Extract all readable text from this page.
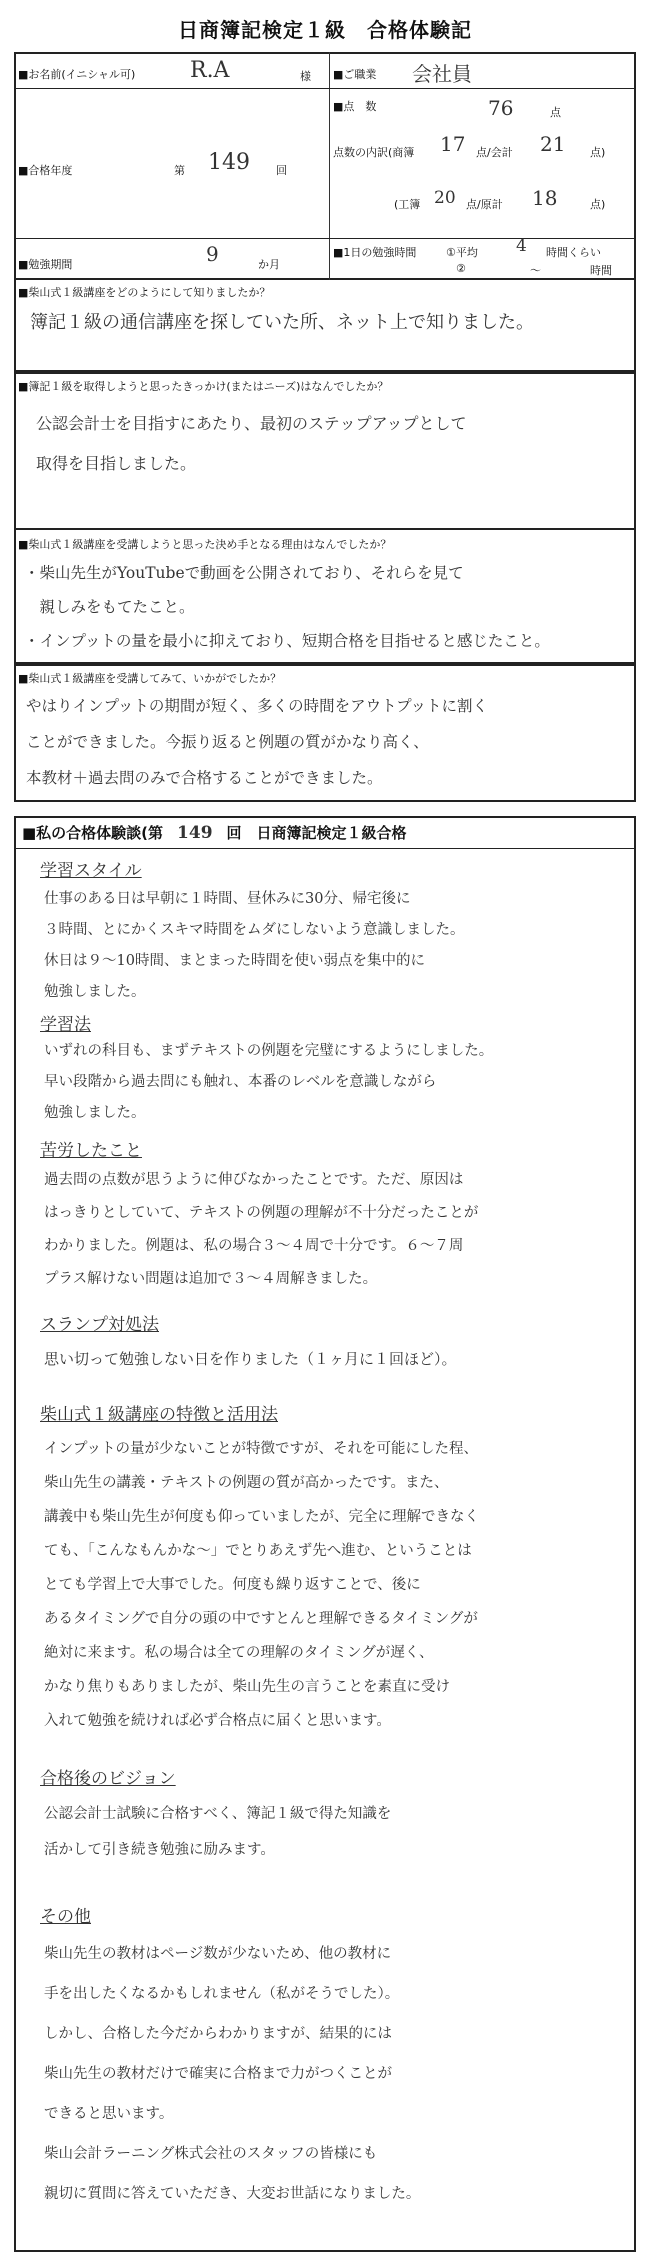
日商簿記検定１級　合格体験記
■お名前(イニシャル可) R.A	様 ■ご職業 会社員
■合格年度	第 149 回
■点　数	76	点
点数の内訳(商簿 17 点/会計 21 点)
(工簿 20 点/原計 18	点)
■勉強期間	9	か月
■1日の勉強時間	①平均 4 時間くらい
②	～	時間
■柴山式１級講座をどのようにして知りましたか？
簿記１級の通信講座を探していた所、ネット上で知りました。
■簿記１級を取得しようと思ったきっかけ(またはニーズ)はなんでしたか？
公認会計士を目指すにあたり、最初のステップアップとして
取得を目指しました。
■柴山式１級講座を受講しようと思った決め手となる理由はなんでしたか？
・柴山先生がYouTubeで動画を公開されており、それらを見て
　親しみをもてたこと。
・インプットの量を最小に抑えており、短期合格を目指せると感じたこと。
■柴山式１級講座を受講してみて、いかがでしたか？
やはりインプットの期間が短く、多くの時間をアウトプットに割く
ことができました。今振り返ると例題の質がかなり高く、
本教材＋過去問のみで合格することができました。
■私の合格体験談(第 149 回　日商簿記検定１級合格
学習スタイル
仕事のある日は早朝に１時間、昼休みに30分、帰宅後に
３時間、とにかくスキマ時間をムダにしないよう意識しました。
休日は９～10時間、まとまった時間を使い弱点を集中的に
勉強しました。
学習法
いずれの科目も、まずテキストの例題を完璧にするようにしました。
早い段階から過去問にも触れ、本番のレベルを意識しながら
勉強しました。
苦労したこと
過去問の点数が思うように伸びなかったことです。ただ、原因は
はっきりとしていて、テキストの例題の理解が不十分だったことが
わかりました。例題は、私の場合３～４周で十分です。６～７周
プラス解けない問題は追加で３～４周解きました。
スランプ対処法
思い切って勉強しない日を作りました（１ヶ月に１回ほど）。
柴山式１級講座の特徴と活用法
インプットの量が少ないことが特徴ですが、それを可能にした程、
柴山先生の講義・テキストの例題の質が高かったです。また、
講義中も柴山先生が何度も仰っていましたが、完全に理解できなく
ても、「こんなもんかな～」でとりあえず先へ進む、ということは
とても学習上で大事でした。何度も繰り返すことで、後に
あるタイミングで自分の頭の中ですとんと理解できるタイミングが
絶対に来ます。私の場合は全ての理解のタイミングが遅く、
かなり焦りもありましたが、柴山先生の言うことを素直に受け
入れて勉強を続ければ必ず合格点に届くと思います。
合格後のビジョン
公認会計士試験に合格すべく、簿記１級で得た知識を
活かして引き続き勉強に励みます。
その他
柴山先生の教材はページ数が少ないため、他の教材に
手を出したくなるかもしれません（私がそうでした）。
しかし、合格した今だからわかりますが、結果的には
柴山先生の教材だけで確実に合格まで力がつくことが
できると思います。
柴山会計ラーニング株式会社のスタッフの皆様にも
親切に質問に答えていただき、大変お世話になりました。
